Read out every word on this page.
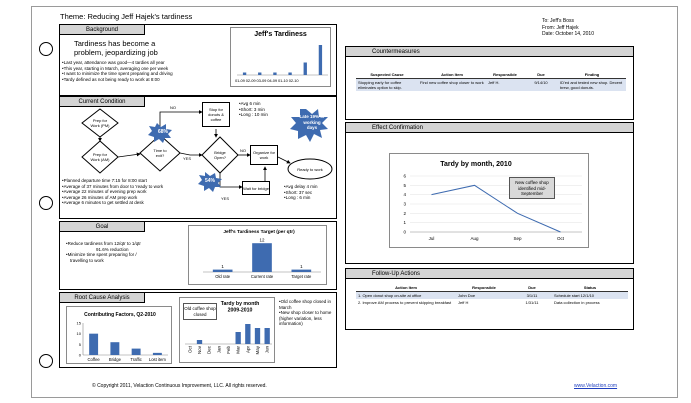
Theme: Reducing Jeff Hajek's tardiness	To: Jeff's Boss
From: Jeff Hajek
Date: October 14, 2010
Background
Tardiness has become a
problem, jeopardizing job
•Last year, attendance was good—4 tardies all year
•This year, starting in March, averaging one per week
•I want to minimize the time spent preparing and driving
•Tardy defined as not being ready to work at 8:00
Jeff's Tardiness
01-09 02-09 03-09 04-09 01-10 02-10
Current Condition
Prep for Work (PM)
Prep for Work (AM)
Time to exit?
Stop for donuts & coffee
Bridge Open?
Organize for work
Wait for bridge
Ready to work
NO
YES
NO
YES
68%
54%
Late 19% of working days
•Avg 6 min
•Short: 3 min
•Long : 10 min
•Avg delay 4 min
•Short: 37 sec
•Long : 6 min
•Planned departure time 7:15 for 8:00 start
•Average of 37 minutes from door to 'ready to work
•Average 22 minutes of evening prep work
•Average 26 minutes of AM prep work
•Average 6 minutes to get settled at desk
Goal
•Reduce tardiness from 12/qtr to 1/qtr
91.6% reduction
•Minimize time spent preparing for /
travelling to work
1
Old rate
12
Current rate
1
Target rate
Jeff's Tardiness Target (per qtr)
Root Cause Analysis
0
5
10
15
Coffee Bridge Traffic Lost item
Contributing Factors, Q2-2010
Oct Nov Dec Jan Feb Mar Apr May Jun
Tardy by month
2009-2010
Old coffee shop closed
•Old coffee shop closed in March
•New shop closer to home (higher variation, less information)
Countermeasures
Suspected Cause	Action Item	Responsible	Due	Finding
Stopping early for coffee eliminates option to skip.	Find new coffee shop closer to work	Jeff H.	9/14/10	ID'ed and tested new shop. Decent brew, good donuts.
Effect Confirmation
Tardy by month, 2010
0
1
2
3
4
5
6
Jul	Aug	Sep	Oct
New coffee shop identified mid-September
Follow-Up Actions
Action Item	Responsible	Due	Status
1. Open donut shop on-site at office	John Doe	3/1/11	Schedule start 12/1/10
2. Improve AM process to prevent skipping breakfast	Jeff H	1/31/11	Data collection in process
© Copyright 2011, Velaction Continuous Improvement, LLC. All rights reserved.	www.Velaction.com
